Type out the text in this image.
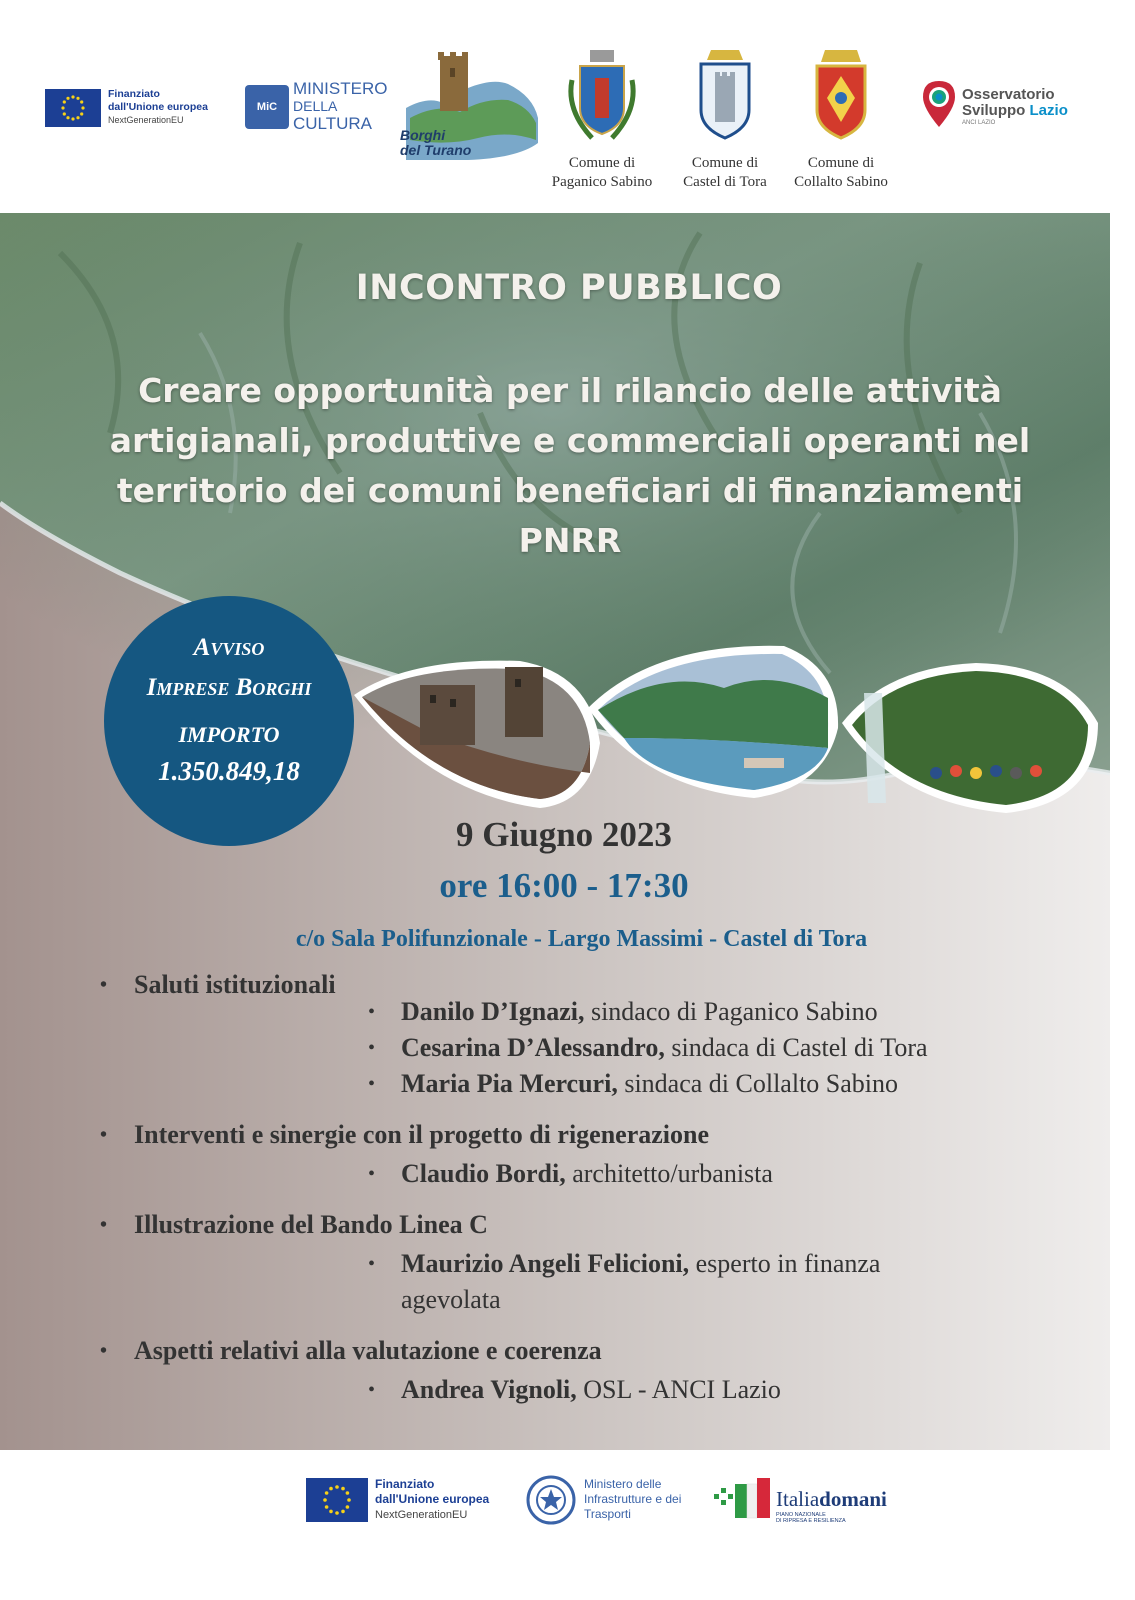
Finanziato
dall'Unione europea
NextGenerationEU
MiC
MINISTERO
DELLA
CULTURA
Borghi
del Turano
Comune di
Paganico Sabino
Comune di
Castel di Tora
Comune di
Collalto Sabino
Osservatorio
Sviluppo Lazio
ANCI LAZIO
INCONTRO PUBBLICO
Creare opportunità per il rilancio delle attività artigianali, produttive e commerciali operanti nel territorio dei comuni beneficiari di finanziamenti PNRR
Avviso
Imprese Borghi
IMPORTO
1.350.849,18
9 Giugno 2023
ore 16:00 - 17:30
c/o Sala Polifunzionale - Largo Massimi - Castel di Tora
• Saluti istituzionali
• Danilo D’Ignazi, sindaco di Paganico Sabino
• Cesarina D’Alessandro, sindaca di Castel di Tora
• Maria Pia Mercuri, sindaca di Collalto Sabino
• Interventi e sinergie con il progetto di rigenerazione
• Claudio Bordi, architetto/urbanista
• Illustrazione del Bando Linea C
• Maurizio Angeli Felicioni, esperto in finanza agevolata
• Aspetti relativi alla valutazione e coerenza
• Andrea Vignoli, OSL - ANCI Lazio
Finanziato
dall'Unione europea
NextGenerationEU
Ministero delle
Infrastrutture e dei
Trasporti
Italiadomani
PIANO NAZIONALE
DI RIPRESA E RESILIENZA
